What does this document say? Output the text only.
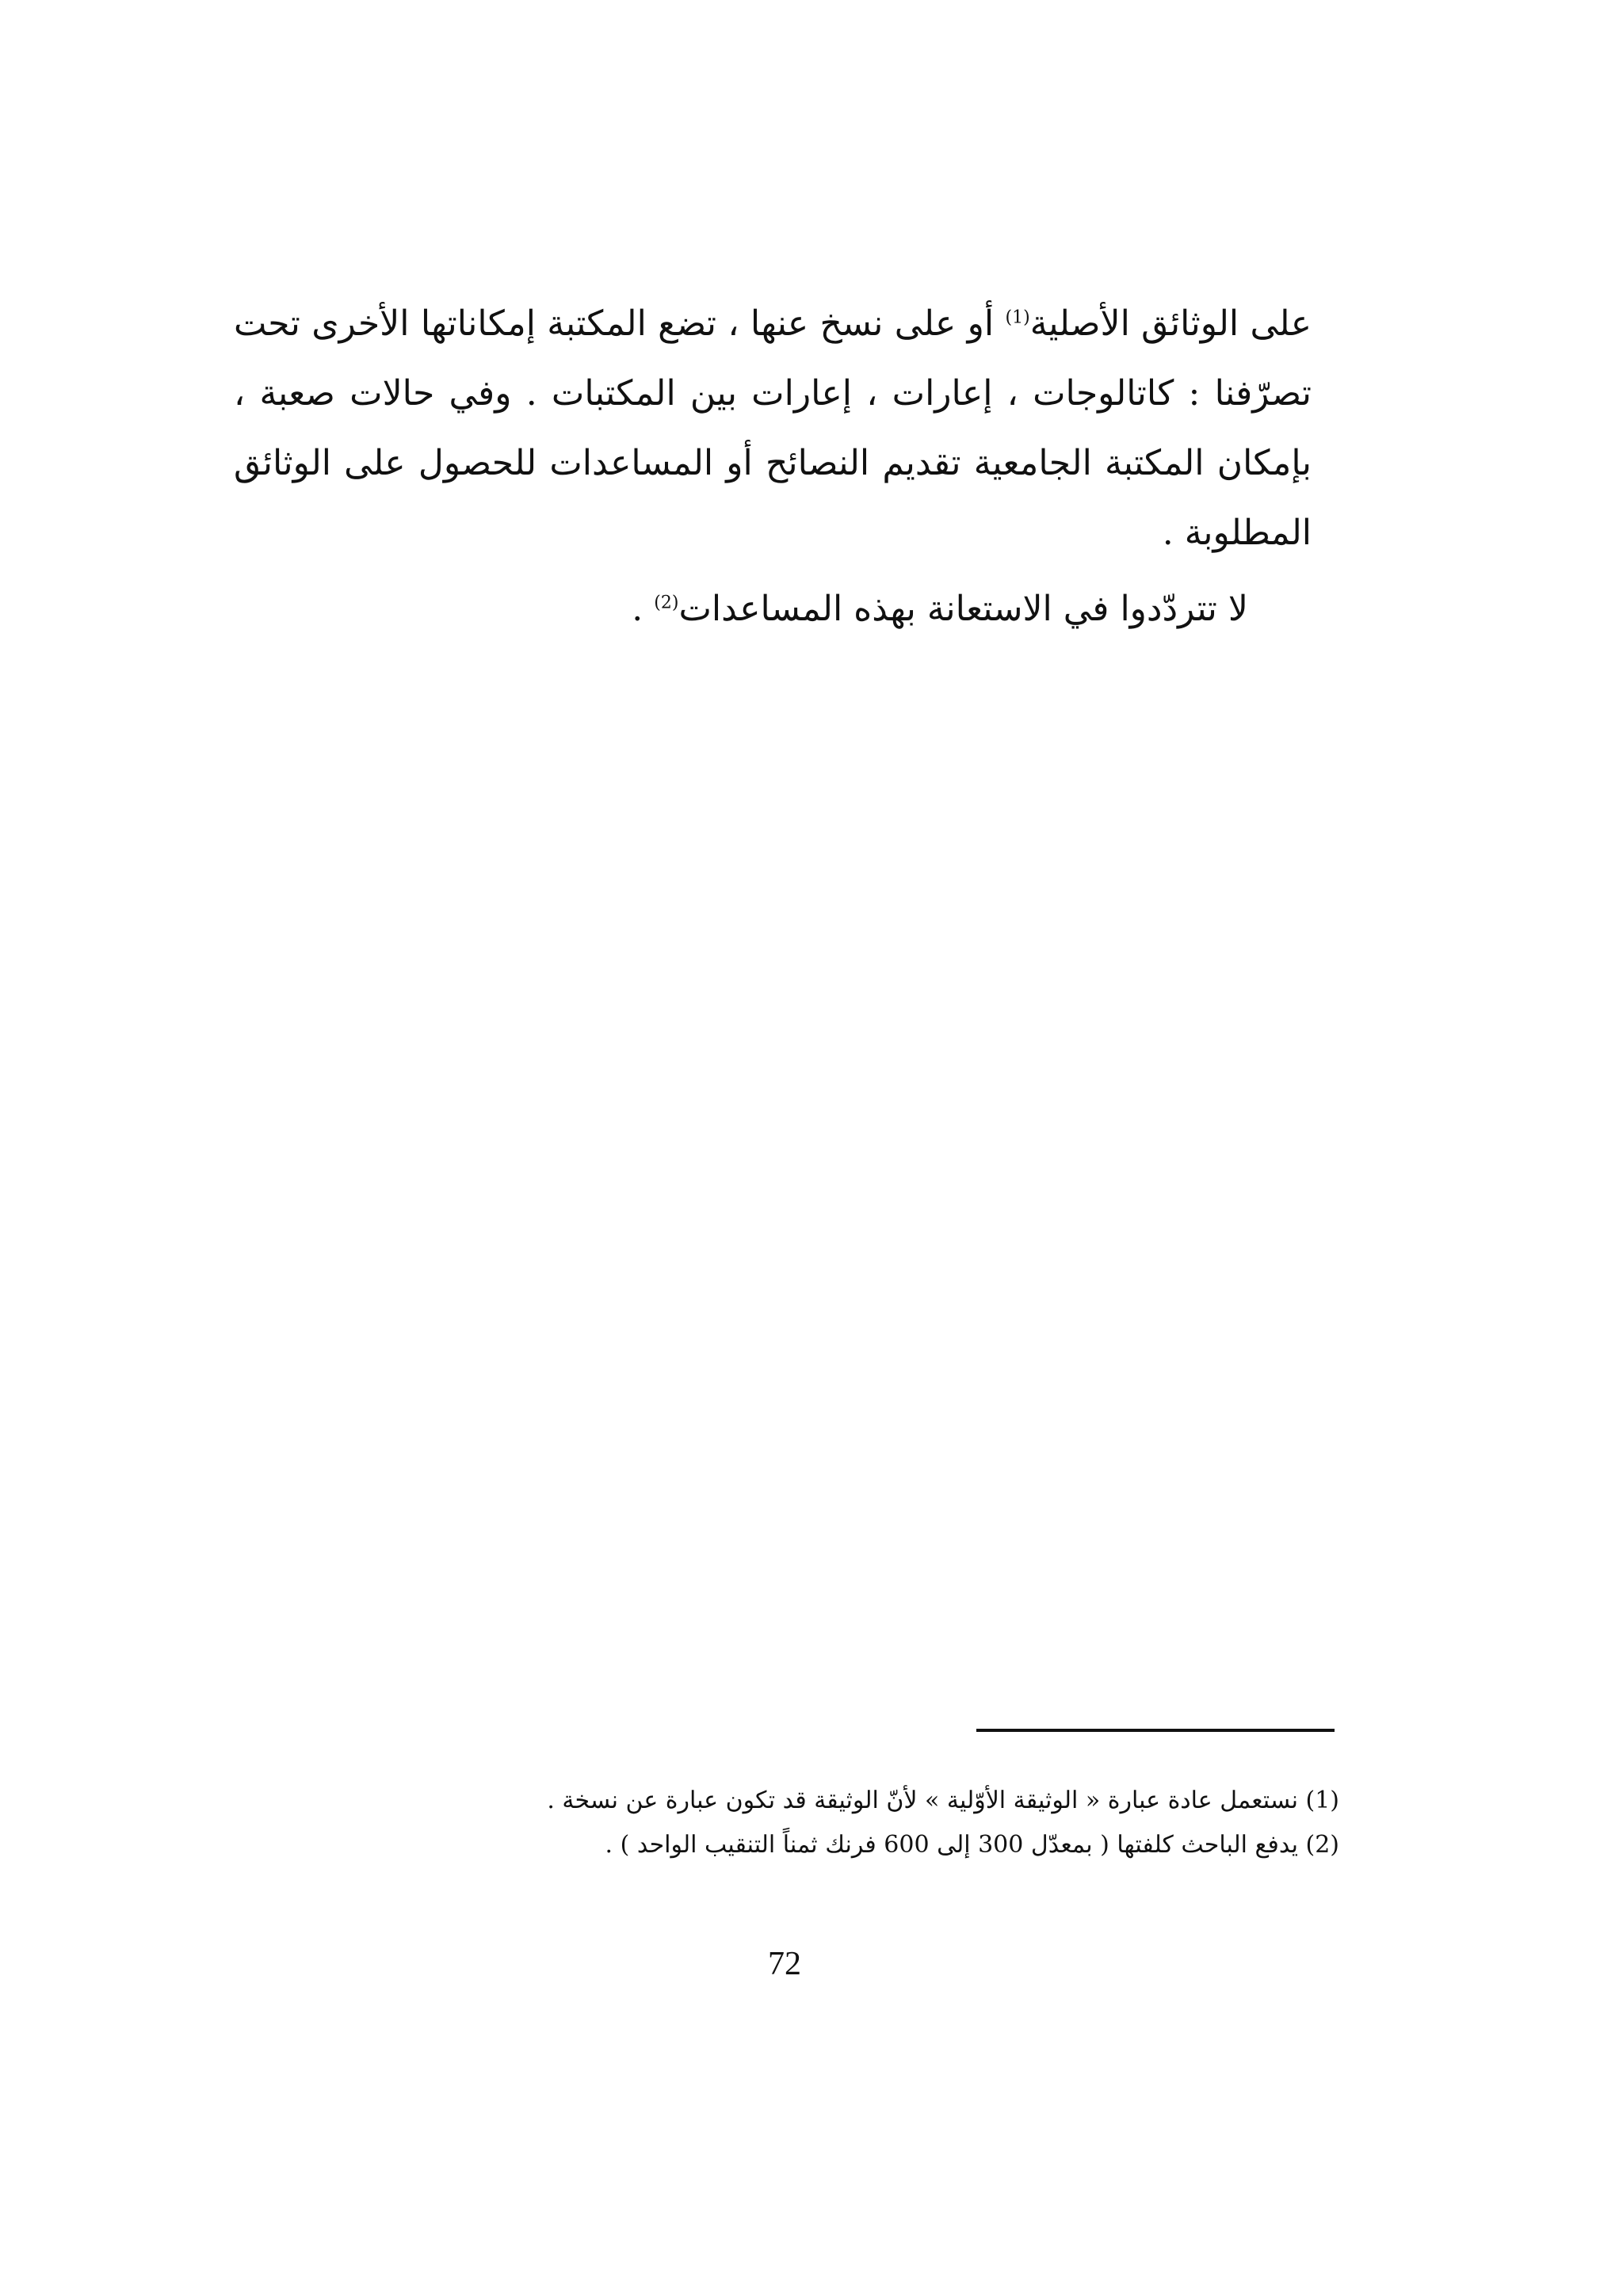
على الوثائق الأصلية$^{(1)}$ أو على نسخ عنها ، تضع المكتبة إمكاناتها الأخرى تحت تصرّفنا : كاتالوجات ، إعارات ، إعارات بين المكتبات . وفي حالات صعبة ، بإمكان المكتبة الجامعية تقديم النصائح أو المساعدات للحصول على الوثائق المطلوبة .

لا تتردّدوا في الاستعانة بهذه المساعدات$^{(2)}$ .

(1) نستعمل عادة عبارة « الوثيقة الأوّلية » لأنّ الوثيقة قد تكون عبارة عن نسخة .

(2) يدفع الباحث كلفتها ( بمعدّل 300 إلى 600 فرنك ثمناً التنقيب الواحد ) .

72
